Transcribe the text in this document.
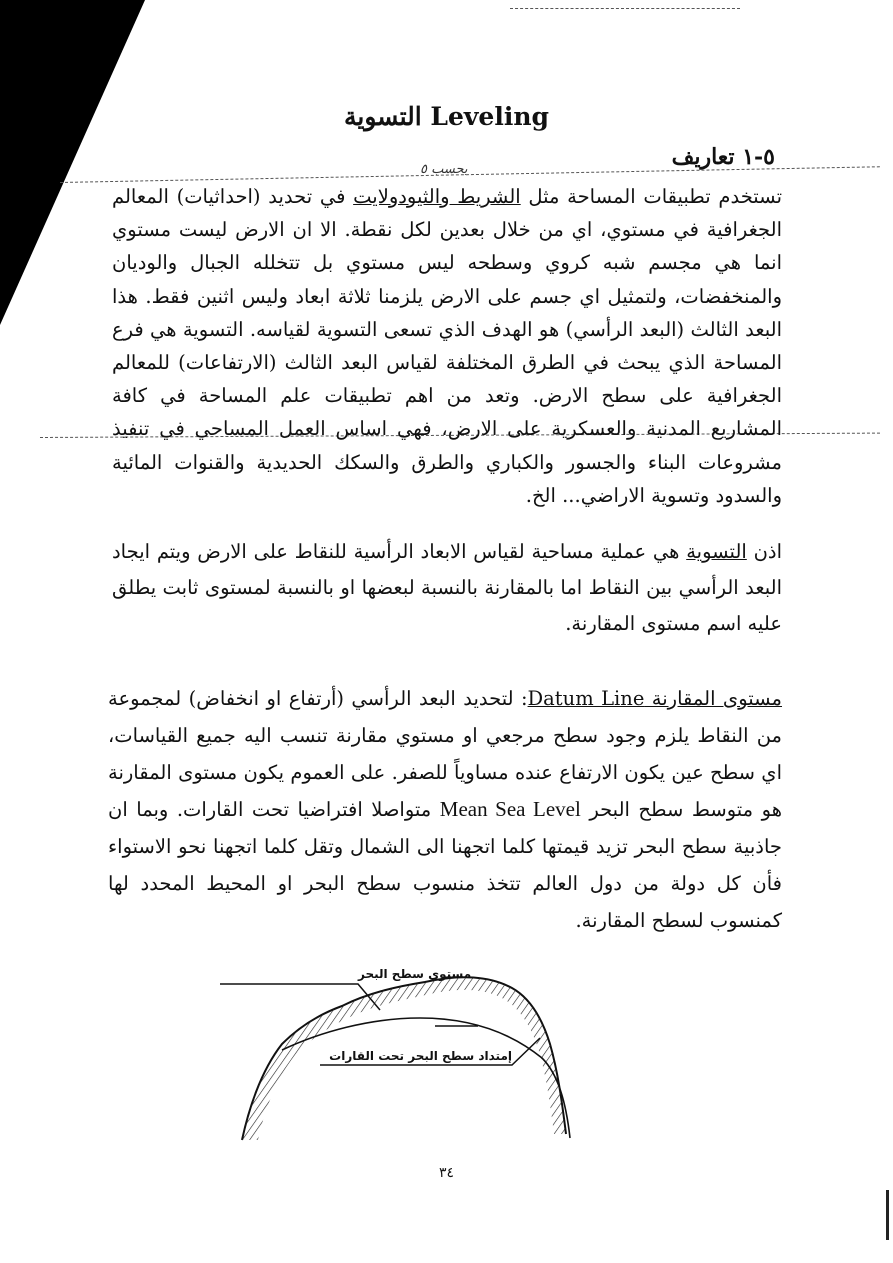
التسوية Leveling
٥-١ تعاريف
بحسب ٥
تستخدم تطبيقات المساحة مثل الشريط والثيودولايت في تحديد (احداثيات) المعالم الجغرافية في مستوي، اي من خلال بعدين لكل نقطة. الا ان الارض ليست مستوي انما هي مجسم شبه كروي وسطحه ليس مستوي بل تتخلله الجبال والوديان والمنخفضات، ولتمثيل اي جسم على الارض يلزمنا ثلاثة ابعاد وليس اثنين فقط. هذا البعد الثالث (البعد الرأسي) هو الهدف الذي تسعى التسوية لقياسه. التسوية هي فرع المساحة الذي يبحث في الطرق المختلفة لقياس البعد الثالث (الارتفاعات) للمعالم الجغرافية على سطح الارض. وتعد من اهم تطبيقات علم المساحة في كافة المشاريع المدنية والعسكرية على الارض، فهي اساس العمل المساحي في تنفيذ مشروعات البناء والجسور والكباري والطرق والسكك الحديدية والقنوات المائية والسدود وتسوية الاراضي... الخ.
اذن التسوية هي عملية مساحية لقياس الابعاد الرأسية للنقاط على الارض ويتم ايجاد البعد الرأسي بين النقاط اما بالمقارنة بالنسبة لبعضها او بالنسبة لمستوى ثابت يطلق عليه اسم مستوى المقارنة.
مستوى المقارنة Datum Line: لتحديد البعد الرأسي (أرتفاع او انخفاض) لمجموعة من النقاط يلزم وجود سطح مرجعي او مستوي مقارنة تنسب اليه جميع القياسات، اي سطح عين يكون الارتفاع عنده مساوياً للصفر. على العموم يكون مستوى المقارنة هو متوسط سطح البحر Mean Sea Level متواصلا افتراضيا تحت القارات. وبما ان جاذبية سطح البحر تزيد قيمتها كلما اتجهنا الى الشمال وتقل كلما اتجهنا نحو الاستواء فأن كل دولة من دول العالم تتخذ منسوب سطح البحر او المحيط المحدد لها كمنسوب لسطح المقارنة.
مستوى سطح البحر
إمتداد سطح البحر تحت القارات
٣٤
